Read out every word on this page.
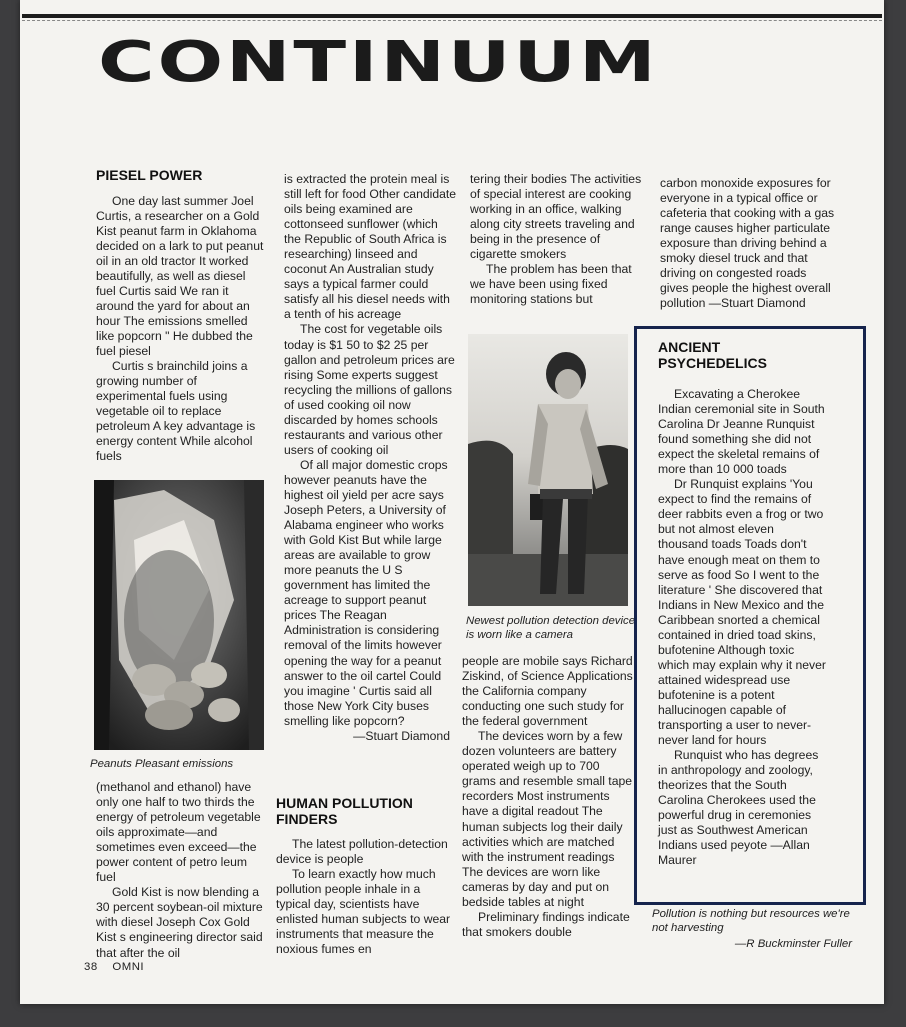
CONTINUUM
PIESEL POWER

One day last summer Joel Curtis, a researcher on a Gold Kist peanut farm in Oklahoma decided on a lark to put peanut oil in an old tractor It worked beautifully, as well as diesel fuel Curtis said We ran it around the yard for about an hour The emissions smelled like popcorn " He dubbed the fuel piesel

Curtis s brainchild joins a growing number of experimental fuels using vegetable oil to replace petroleum A key advantage is energy content While alcohol fuels

Peanuts Pleasant emissions

(methanol and ethanol) have only one half to two thirds the energy of petroleum vegetable oils approximate—and sometimes even exceed—the power content of petro leum fuel

Gold Kist is now blending a 30 percent soybean-oil mixture with diesel Joseph Cox Gold Kist s engineering director said that after the oil

is extracted the protein meal is still left for food Other candidate oils being examined are cottonseed sunflower (which the Republic of South Africa is researching) linseed and coconut An Australian study says a typical farmer could satisfy all his diesel needs with a tenth of his acreage

The cost for vegetable oils today is $1 50 to $2 25 per gallon and petroleum prices are rising Some experts suggest recycling the millions of gallons of used cooking oil now discarded by homes schools restaurants and various other users of cooking oil

Of all major domestic crops however peanuts have the highest oil yield per acre says Joseph Peters, a University of Alabama engineer who works with Gold Kist But while large areas are available to grow more peanuts the U S government has limited the acreage to support peanut prices The Reagan Administration is considering removal of the limits however opening the way for a peanut answer to the oil cartel Could you imagine ' Curtis said all those New York City buses smelling like popcorn?

—Stuart Diamond

HUMAN POLLUTION FINDERS

The latest pollution-detection device is people

To learn exactly how much pollution people inhale in a typical day, scientists have enlisted human subjects to wear instruments that measure the noxious fumes en

tering their bodies The activities of special interest are cooking working in an office, walking along city streets traveling and being in the presence of cigarette smokers

The problem has been that we have been using fixed monitoring stations but

Newest pollution detection device is worn like a camera

people are mobile says Richard Ziskind, of Science Applications the California company conducting one such study for the federal government

The devices worn by a few dozen volunteers are battery operated weigh up to 700 grams and resemble small tape recorders Most instruments have a digital readout The human subjects log their daily activities which are matched with the instrument readings The devices are worn like cameras by day and put on bedside tables at night

Preliminary findings indicate that smokers double

carbon monoxide exposures for everyone in a typical office or cafeteria that cooking with a gas range causes higher particulate exposure than driving behind a smoky diesel truck and that driving on congested roads gives people the highest overall pollution —Stuart Diamond

ANCIENT PSYCHEDELICS

Excavating a Cherokee Indian ceremonial site in South Carolina Dr Jeanne Runquist found something she did not expect the skeletal remains of more than 10 000 toads

Dr Runquist explains 'You expect to find the remains of deer rabbits even a frog or two but not almost eleven thousand toads Toads don't have enough meat on them to serve as food So I went to the literature ' She discovered that Indians in New Mexico and the Caribbean snorted a chemical contained in dried toad skins, bufotenine Although toxic which may explain why it never attained widespread use bufotenine is a potent hallucinogen capable of transporting a user to never-never land for hours

Runquist who has degrees in anthropology and zoology, theorizes that the South Carolina Cherokees used the powerful drug in ceremonies just as Southwest American Indians used peyote —Allan Maurer

Pollution is nothing but resources we're not harvesting

—R Buckminster Fuller

38 OMNI
